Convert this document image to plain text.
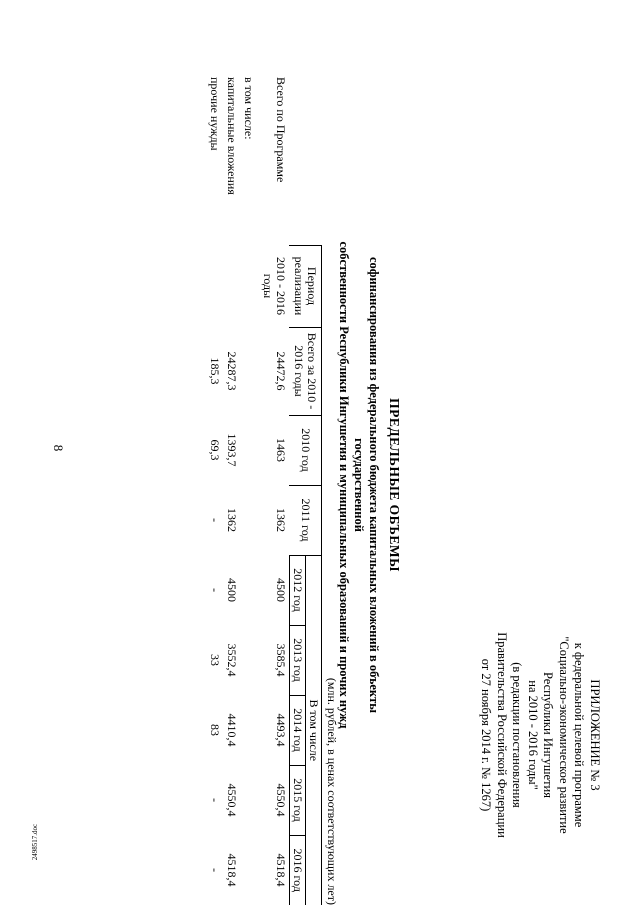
8
ПРИЛОЖЕНИЕ № 3
к федеральной целевой программе
"Социально-экономическое развитие
Республики Ингушетия
на 2010 - 2016 годы"
(в редакции постановления
Правительства Российской Федерации
от 27 ноября 2014 г. № 1267)
ПРЕДЕЛЬНЫЕ ОБЪЕМЫ
софинансирования из федерального бюджета капитальных вложений в объекты государственной
собственности Республики Ингушетия и муниципальных образований и прочих нужд
(млн. рублей, в ценах соответствующих лет)
	Период реализации	Всего за 2010 - 2016 годы	2010 год	2011 год	В том числе				
					2012 год	2013 год	2014 год	2015 год	2016 год
Всего по Программе	2010 - 2016 годы	24472,6	1463	1362	4500	3585,4	4493,4	4550,4	4518,4
в том числе:									
капитальные вложения		24287,3	1393,7	1362	4500	3552,4	4410,4	4550,4	4518,4
прочие нужды		185,3	69,3	-	-	33	83	-	-
2498517.doc
